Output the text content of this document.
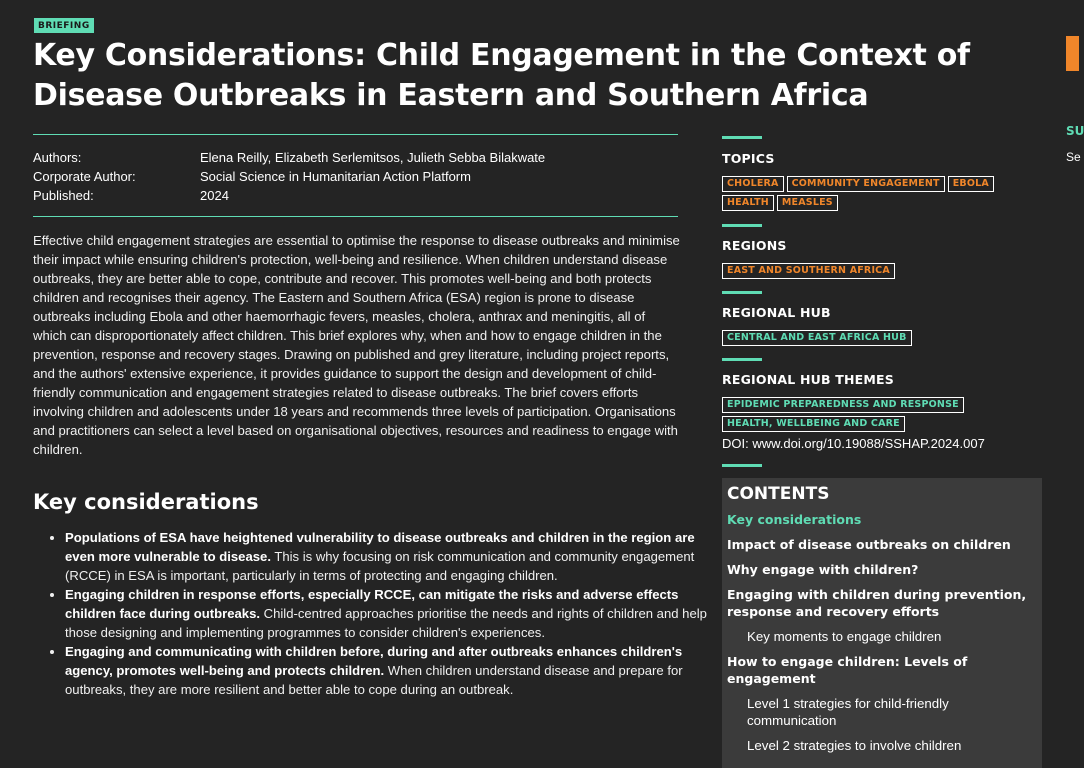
BRIEFING
Key Considerations: Child Engagement in the Context of Disease Outbreaks in Eastern and Southern Africa
Authors:	Elena Reilly, Elizabeth Serlemitsos, Julieth Sebba Bilakwate
Corporate Author:	Social Science in Humanitarian Action Platform
Published:	2024

Effective child engagement strategies are essential to optimise the response to disease outbreaks and minimise their impact while ensuring children's protection, well-being and resilience. When children understand disease outbreaks, they are better able to cope, contribute and recover. This promotes well-being and both protects children and recognises their agency. The Eastern and Southern Africa (ESA) region is prone to disease outbreaks including Ebola and other haemorrhagic fevers, measles, cholera, anthrax and meningitis, all of which can disproportionately affect children. This brief explores why, when and how to engage children in the prevention, response and recovery stages. Drawing on published and grey literature, including project reports, and the authors' extensive experience, it provides guidance to support the design and development of child-friendly communication and engagement strategies related to disease outbreaks. The brief covers efforts involving children and adolescents under 18 years and recommends three levels of participation. Organisations and practitioners can select a level based on organisational objectives, resources and readiness to engage with children.

Key considerations
• Populations of ESA have heightened vulnerability to disease outbreaks and children in the region are even more vulnerable to disease. This is why focusing on risk communication and community engagement (RCCE) in ESA is important, particularly in terms of protecting and engaging children.
• Engaging children in response efforts, especially RCCE, can mitigate the risks and adverse effects children face during outbreaks. Child-centred approaches prioritise the needs and rights of children and help those designing and implementing programmes to consider children's experiences.
• Engaging and communicating with children before, during and after outbreaks enhances children's agency, promotes well-being and protects children. When children understand disease and prepare for outbreaks, they are more resilient and better able to cope during an outbreak.
TOPICS
CHOLERA	COMMUNITY ENGAGEMENT	EBOLA
HEALTH	MEASLES
REGIONS
EAST AND SOUTHERN AFRICA
REGIONAL HUB
CENTRAL AND EAST AFRICA HUB
REGIONAL HUB THEMES
EPIDEMIC PREPAREDNESS AND RESPONSE
HEALTH, WELLBEING AND CARE
DOI: www.doi.org/10.19088/SSHAP.2024.007
CONTENTS
Key considerations
Impact of disease outbreaks on children
Why engage with children?
Engaging with children during prevention, response and recovery efforts
Key moments to engage children
How to engage children: Levels of engagement
Level 1 strategies for child-friendly communication
Level 2 strategies to involve children
SU
Se
